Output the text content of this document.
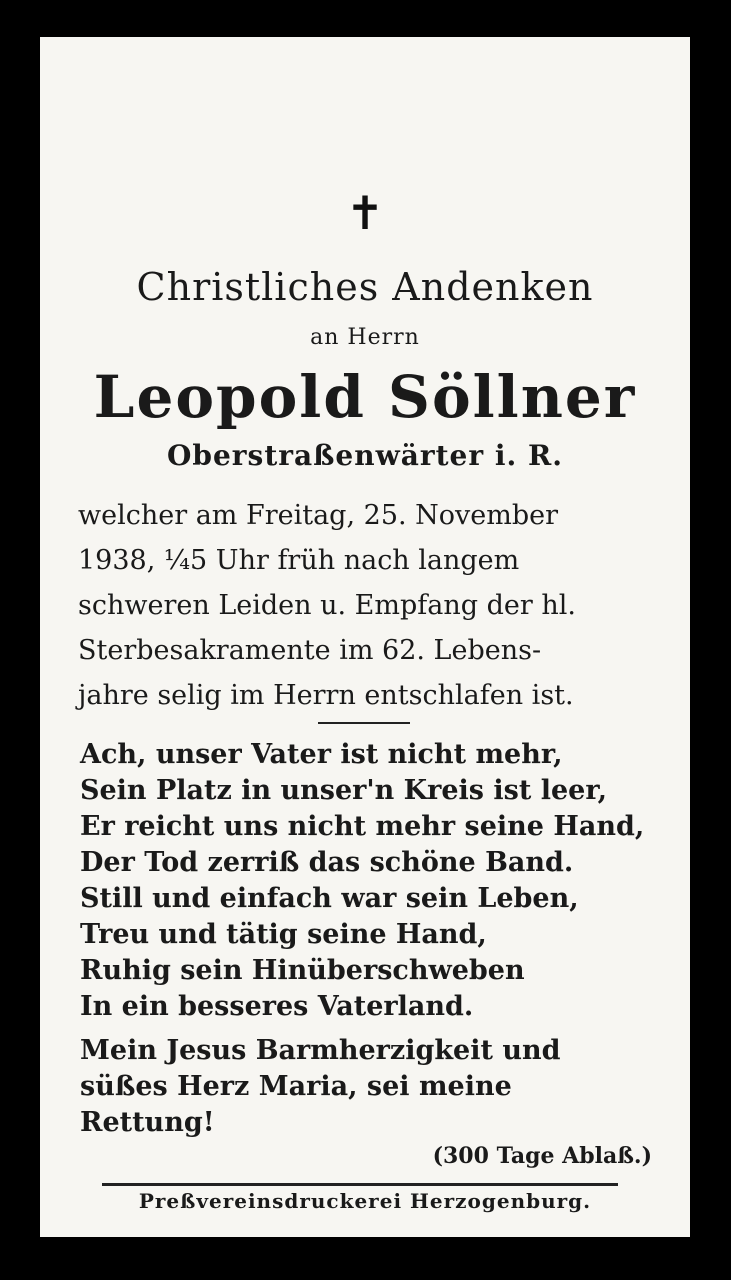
✝
Christliches Andenken
an Herrn
Leopold Söllner
Oberstraßenwärter i. R.

welcher am Freitag, 25. November

1938, ¼5 Uhr früh nach langem

schweren Leiden u. Empfang der hl.

Sterbesakramente im 62. Lebens-

jahre selig im Herrn entschlafen ist.

Ach, unser Vater ist nicht mehr,

Sein Platz in unser'n Kreis ist leer,

Er reicht uns nicht mehr seine Hand,

Der Tod zerriß das schöne Band.

Still und einfach war sein Leben,

Treu und tätig seine Hand,

Ruhig sein Hinüberschweben

In ein besseres Vaterland.

Mein Jesus Barmherzigkeit und

süßes Herz Maria, sei meine

Rettung!

(300 Tage Ablaß.)
Preßvereinsdruckerei Herzogenburg.
